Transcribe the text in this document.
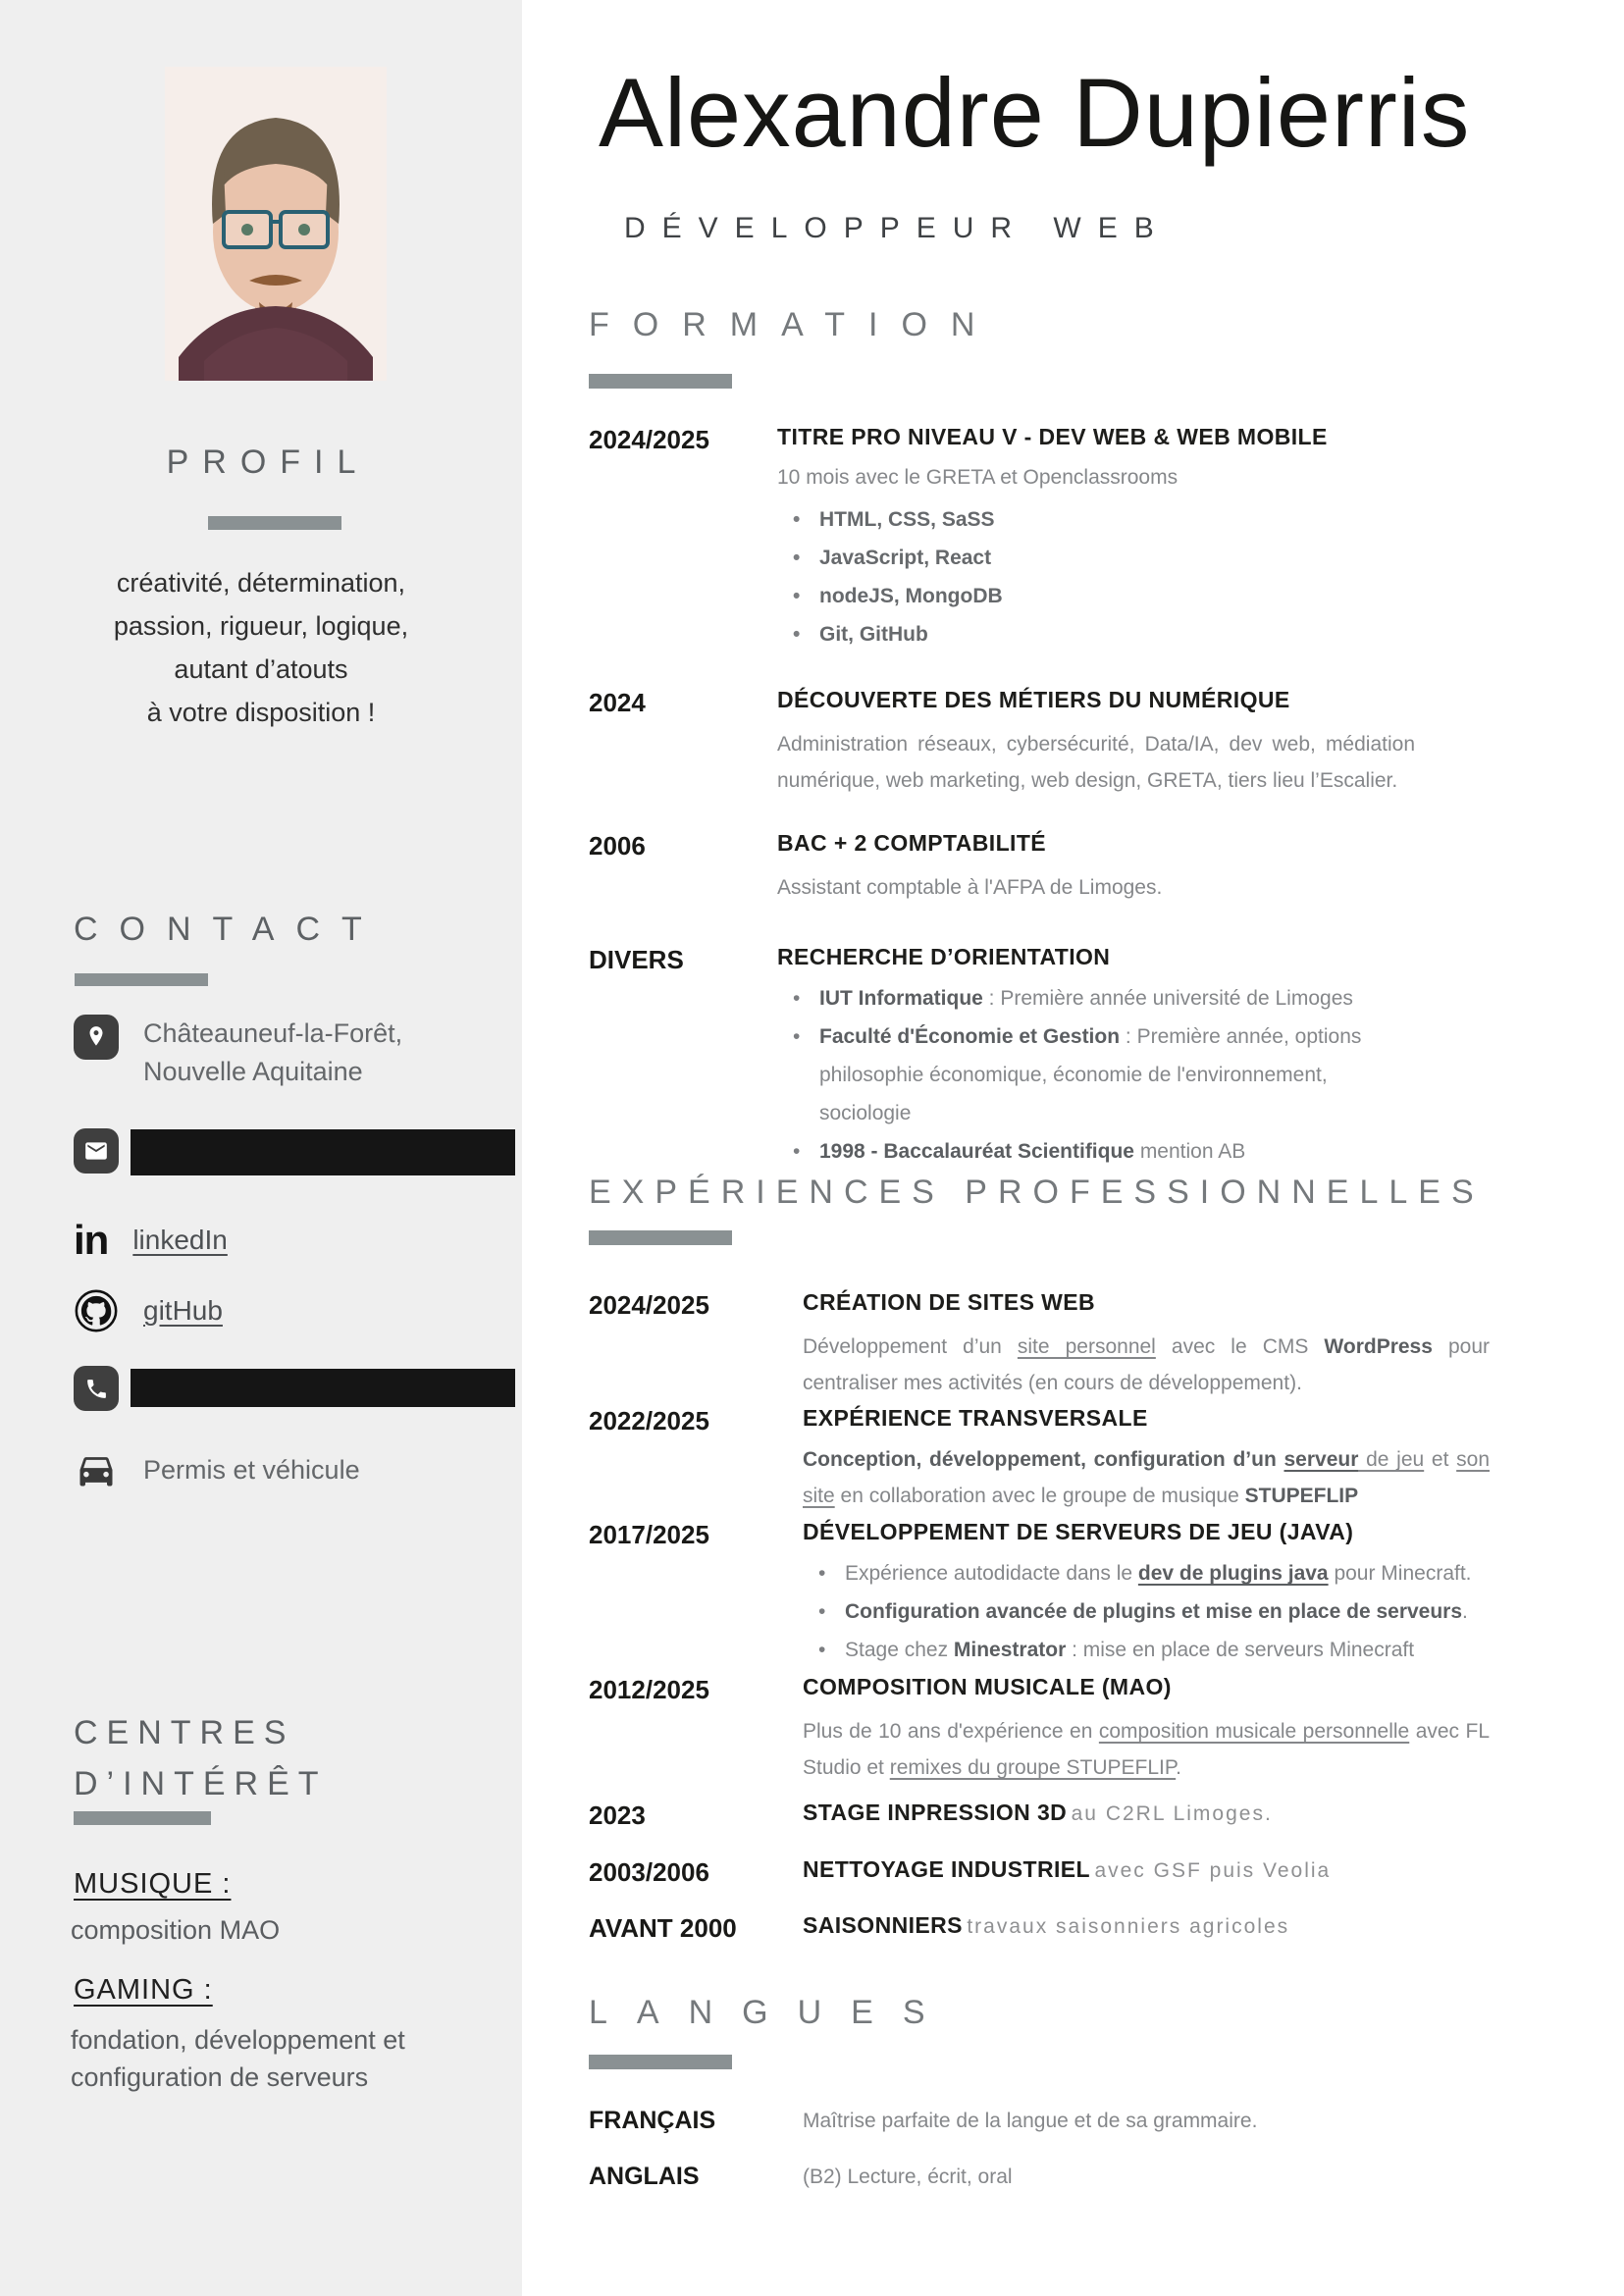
PROFIL
créativité, détermination,
passion, rigueur, logique,
autant d’atouts
à votre disposition !
CONTACT
Châteauneuf-la-Forêt,
Nouvelle Aquitaine
in linkedIn
gitHub
Permis et véhicule
CENTRES
D’INTÉRÊT
MUSIQUE :
composition MAO
GAMING :
fondation, développement et
configuration de serveurs
Alexandre Dupierris
DÉVELOPPEUR WEB
FORMATION
2024/2025	TITRE PRO NIVEAU V - DEV WEB & WEB MOBILE

10 mois avec le GRETA et Openclassrooms

• HTML, CSS, SaSS
• JavaScript, React
• nodeJS, MongoDB
• Git, GitHub
2024	DÉCOUVERTE DES MÉTIERS DU NUMÉRIQUE

Administration réseaux, cybersécurité, Data/IA, dev web, médiation numérique, web marketing, web design, GRETA, tiers lieu l’Escalier.

2006	BAC + 2 COMPTABILITÉ

Assistant comptable à l'AFPA de Limoges.

DIVERS	RECHERCHE D’ORIENTATION
• IUT Informatique : Première année université de Limoges
• Faculté d'Économie et Gestion : Première année, options philosophie économique, économie de l'environnement, sociologie
• 1998 - Baccalauréat Scientifique mention AB
EXPÉRIENCES PROFESSIONNELLES
2024/2025	CRÉATION DE SITES WEB

Développement d’un site personnel avec le CMS WordPress pour centraliser mes activités (en cours de développement).

2022/2025	EXPÉRIENCE TRANSVERSALE

Conception, développement, configuration d’un serveur de jeu et son site en collaboration avec le groupe de musique STUPEFLIP

2017/2025	DÉVELOPPEMENT DE SERVEURS DE JEU (JAVA)
• Expérience autodidacte dans le dev de plugins java pour Minecraft.
• Configuration avancée de plugins et mise en place de serveurs.
• Stage chez Minestrator : mise en place de serveurs Minecraft
2012/2025	COMPOSITION MUSICALE (MAO)

Plus de 10 ans d'expérience en composition musicale personnelle avec FL Studio et remixes du groupe STUPEFLIP.

2023	STAGE INPRESSION 3D au C2RL Limoges.
2003/2006	NETTOYAGE INDUSTRIEL avec GSF puis Veolia
AVANT 2000	SAISONNIERS travaux saisonniers agricoles
LANGUES
FRANÇAIS	Maîtrise parfaite de la langue et de sa grammaire.
ANGLAIS	(B2) Lecture, écrit, oral
